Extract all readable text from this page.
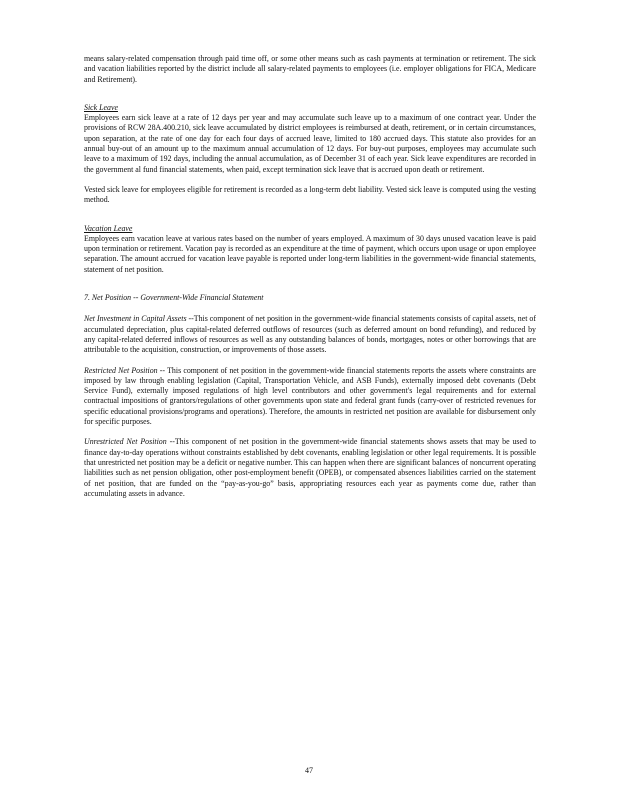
means salary-related compensation through paid time off, or some other means such as cash payments at termination or retirement. The sick and vacation liabilities reported by the district include all salary-related payments to employees (i.e. employer obligations for FICA, Medicare and Retirement).

Sick Leave

Employees earn sick leave at a rate of 12 days per year and may accumulate such leave up to a maximum of one contract year. Under the provisions of RCW 28A.400.210, sick leave accumulated by district employees is reimbursed at death, retirement, or in certain circumstances, upon separation, at the rate of one day for each four days of accrued leave, limited to 180 accrued days. This statute also provides for an annual buy-out of an amount up to the maximum annual accumulation of 12 days. For buy-out purposes, employees may accumulate such leave to a maximum of 192 days, including the annual accumulation, as of December 31 of each year. Sick leave expenditures are recorded in the government al fund financial statements, when paid, except termination sick leave that is accrued upon death or retirement.

Vested sick leave for employees eligible for retirement is recorded as a long-term debt liability. Vested sick leave is computed using the vesting method.

Vacation Leave

Employees earn vacation leave at various rates based on the number of years employed. A maximum of 30 days unused vacation leave is paid upon termination or retirement. Vacation pay is recorded as an expenditure at the time of payment, which occurs upon usage or upon employee separation. The amount accrued for vacation leave payable is reported under long-term liabilities in the government-wide financial statements, statement of net position.

7. Net Position -- Government-Wide Financial Statement

Net Investment in Capital Assets --This component of net position in the government-wide financial statements consists of capital assets, net of accumulated depreciation, plus capital-related deferred outflows of resources (such as deferred amount on bond refunding), and reduced by any capital-related deferred inflows of resources as well as any outstanding balances of bonds, mortgages, notes or other borrowings that are attributable to the acquisition, construction, or improvements of those assets.

Restricted Net Position -- This component of net position in the government-wide financial statements reports the assets where constraints are imposed by law through enabling legislation (Capital, Transportation Vehicle, and ASB Funds), externally imposed debt covenants (Debt Service Fund), externally imposed regulations of high level contributors and other government's legal requirements and for external contractual impositions of grantors/regulations of other governments upon state and federal grant funds (carry-over of restricted revenues for specific educational provisions/programs and operations). Therefore, the amounts in restricted net position are available for disbursement only for specific purposes.

Unrestricted Net Position --This component of net position in the government-wide financial statements shows assets that may be used to finance day-to-day operations without constraints established by debt covenants, enabling legislation or other legal requirements. It is possible that unrestricted net position may be a deficit or negative number. This can happen when there are significant balances of noncurrent operating liabilities such as net pension obligation, other post-employment benefit (OPEB), or compensated absences liabilities carried on the statement of net position, that are funded on the “pay-as-you-go” basis, appropriating resources each year as payments come due, rather than accumulating assets in advance.

47
